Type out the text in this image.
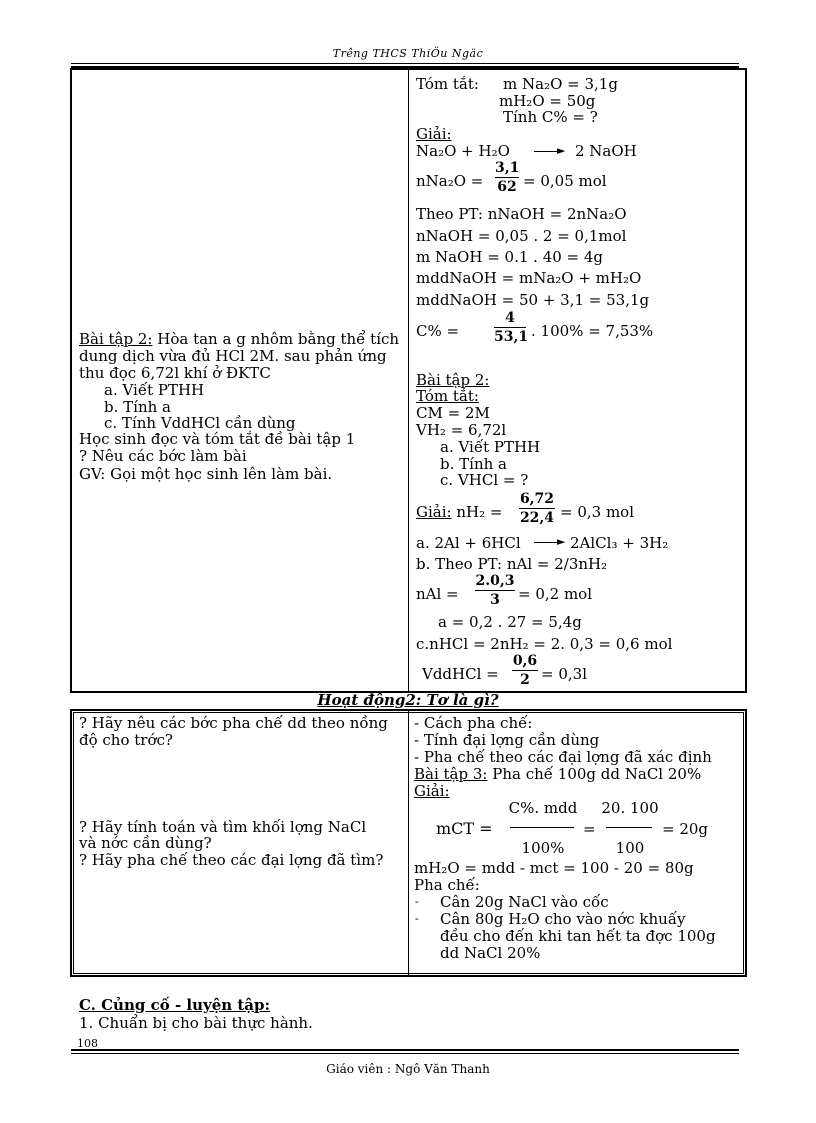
Trêng THCS ThiÖu Ngäc
Bài tập 2: Hòa tan a g nhôm bằng thể tích
dung dịch vừa đủ HCl 2M. sau phản ứng
thu đọc 6,72l khí ở ĐKTC
a. Viết PTHH
b. Tính a
c. Tính VddHCl cần dùng
Học sinh đọc và tóm tắt đề bài tập 1
? Nêu các bớc làm bài
GV: Gọi một học sinh lên làm bài.
Tóm tắt: m Na₂O = 3,1g
mH₂O = 50g
Tính C% = ?
Giải:
Na₂O + H₂O	► 2 NaOH
nNa₂O =
3,1
62 = 0,05 mol
Theo PT: nNaOH = 2nNa₂O
nNaOH = 0,05 . 2 = 0,1mol
m NaOH = 0.1 . 40 = 4g
mddNaOH = mNa₂O + mH₂O
mddNaOH = 50 + 3,1 = 53,1g
C% =
4
53,1 . 100% = 7,53%
Bài tập 2:
Tóm tắt:
CM = 2M
VH₂ = 6,72l
a. Viết PTHH
b. Tính a
c. VHCl = ?
Giải: nH₂ =
6,72
22,4 = 0,3 mol
a. 2Al + 6HCl	► 2AlCl₃ + 3H₂
b. Theo PT: nAl = 2/3nH₂
nAl =
2.0,3
3	= 0,2 mol
a = 0,2 . 27 = 5,4g
c.nHCl = 2nH₂ = 2. 0,3 = 0,6 mol
VddHCl =
0,6
2 = 0,3l
Hoạt động2: Tơ là gì?
? Hãy nêu các bớc pha chế dd theo nồng
độ cho trớc?
? Hãy tính toán và tìm khối lợng NaCl
và nớc cần dùng?
? Hãy pha chế theo các đại lợng đã tìm?
- Cách pha chế:
- Tính đại lợng cần dùng
- Pha chế theo các đại lợng đã xác định
Bài tập 3: Pha chế 100g dd NaCl 20%
Giải:
mCT =
C%. mdd
100%
=
20. 100
100
= 20g
mH₂O = mdd - mct = 100 - 20 = 80g
Pha chế:
- Cân 20g NaCl vào cốc
- Cân 80g H₂O cho vào nớc khuấy
đều cho đến khi tan hết ta đợc 100g
dd NaCl 20%
C. Củng cố - luyện tập:
1. Chuẩn bị cho bài thực hành.
108
Giáo viên : Ngô Văn Thanh
